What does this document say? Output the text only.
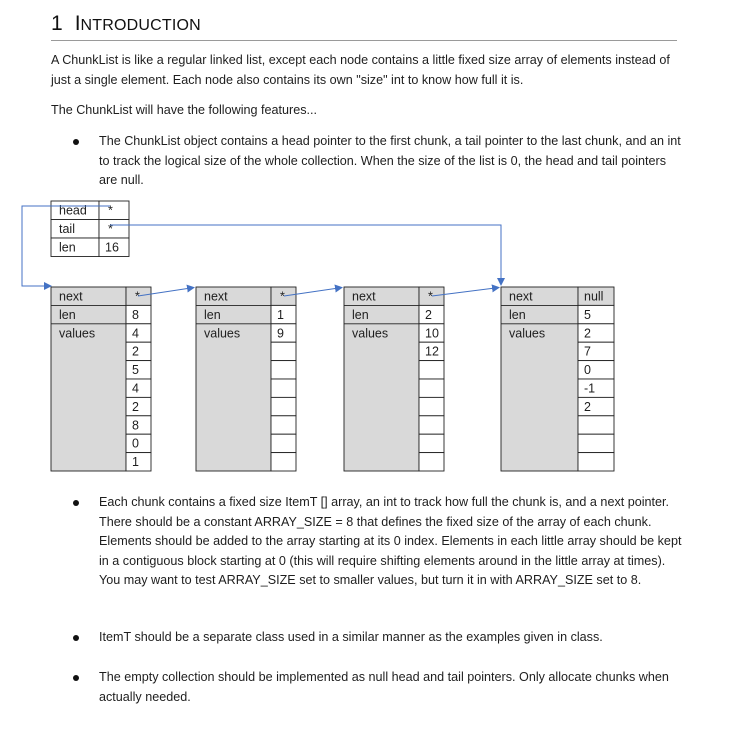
1 INTRODUCTION
A ChunkList is like a regular linked list, except each node contains a little fixed size array of elements instead of just a single element. Each node also contains its own "size" int to know how full it is.
The ChunkList will have the following features...
The ChunkList object contains a head pointer to the first chunk, a tail pointer to the last chunk, and an int to track the logical size of the whole collection. When the size of the list is 0, the head and tail pointers are null.
head *
tail	*
len 16
next
len
values
*
8
4
2
5
4
2
8
0
1
next
len
values
*
1
9
next
len
values
*
2
10
12
next
len
values
null
5
2
7
0
-1
2
Each chunk contains a fixed size ItemT [] array, an int to track how full the chunk is, and a next pointer. There should be a constant ARRAY_SIZE = 8 that defines the fixed size of the array of each chunk. Elements should be added to the array starting at its 0 index. Elements in each little array should be kept in a contiguous block starting at 0 (this will require shifting elements around in the little array at times). You may want to test ARRAY_SIZE set to smaller values, but turn it in with ARRAY_SIZE set to 8.
ItemT should be a separate class used in a similar manner as the examples given in class.
The empty collection should be implemented as null head and tail pointers. Only allocate chunks when actually needed.
